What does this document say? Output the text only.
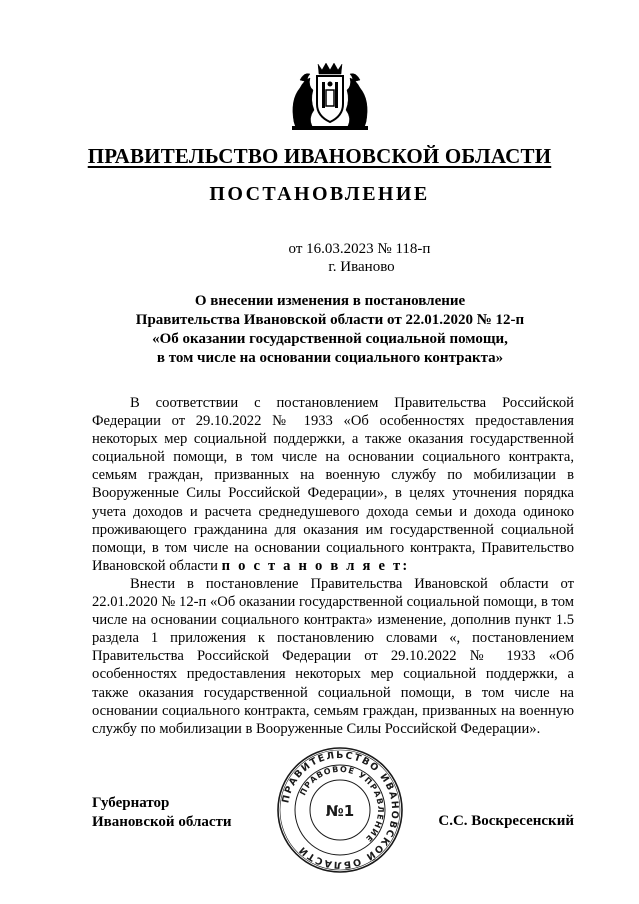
ПРАВИТЕЛЬСТВО ИВАНОВСКОЙ ОБЛАСТИ
ПОСТАНОВЛЕНИЕ
от 16.03.2023 № 118-п
г. Иваново
О внесении изменения в постановление
Правительства Ивановской области от 22.01.2020 № 12-п
«Об оказании государственной социальной помощи,
в том числе на основании социального контракта»

В соответствии с постановлением Правительства Российской Федерации от 29.10.2022 № 1933 «Об особенностях предоставления некоторых мер социальной поддержки, а также оказания государственной социальной помощи, в том числе на основании социального контракта, семьям граждан, призванных на военную службу по мобилизации в Вооруженные Силы Российской Федерации», в целях уточнения порядка учета доходов и расчета среднедушевого дохода семьи и дохода одиноко проживающего гражданина для оказания им государственной социальной помощи, в том числе на основании социального контракта, Правительство Ивановской области п о с т а н о в л я е т:

Внести в постановление Правительства Ивановской области от 22.01.2020 № 12-п «Об оказании государственной социальной помощи, в том числе на основании социального контракта» изменение, дополнив пункт 1.5 раздела 1 приложения к постановлению словами «, постановлением Правительства Российской Федерации от 29.10.2022 № 1933 «Об особенностях предоставления некоторых мер социальной поддержки, а также оказания государственной социальной помощи, в том числе на основании социального контракта, семьям граждан, призванных на военную службу по мобилизации в Вооруженные Силы Российской Федерации».

Губернатор
Ивановской области	С.С. Воскресенский
ПРАВИТЕЛЬСТВО ИВАНОВСКОЙ ОБЛАСТИ
ПРАВОВОЕ УПРАВЛЕНИЕ
№1
